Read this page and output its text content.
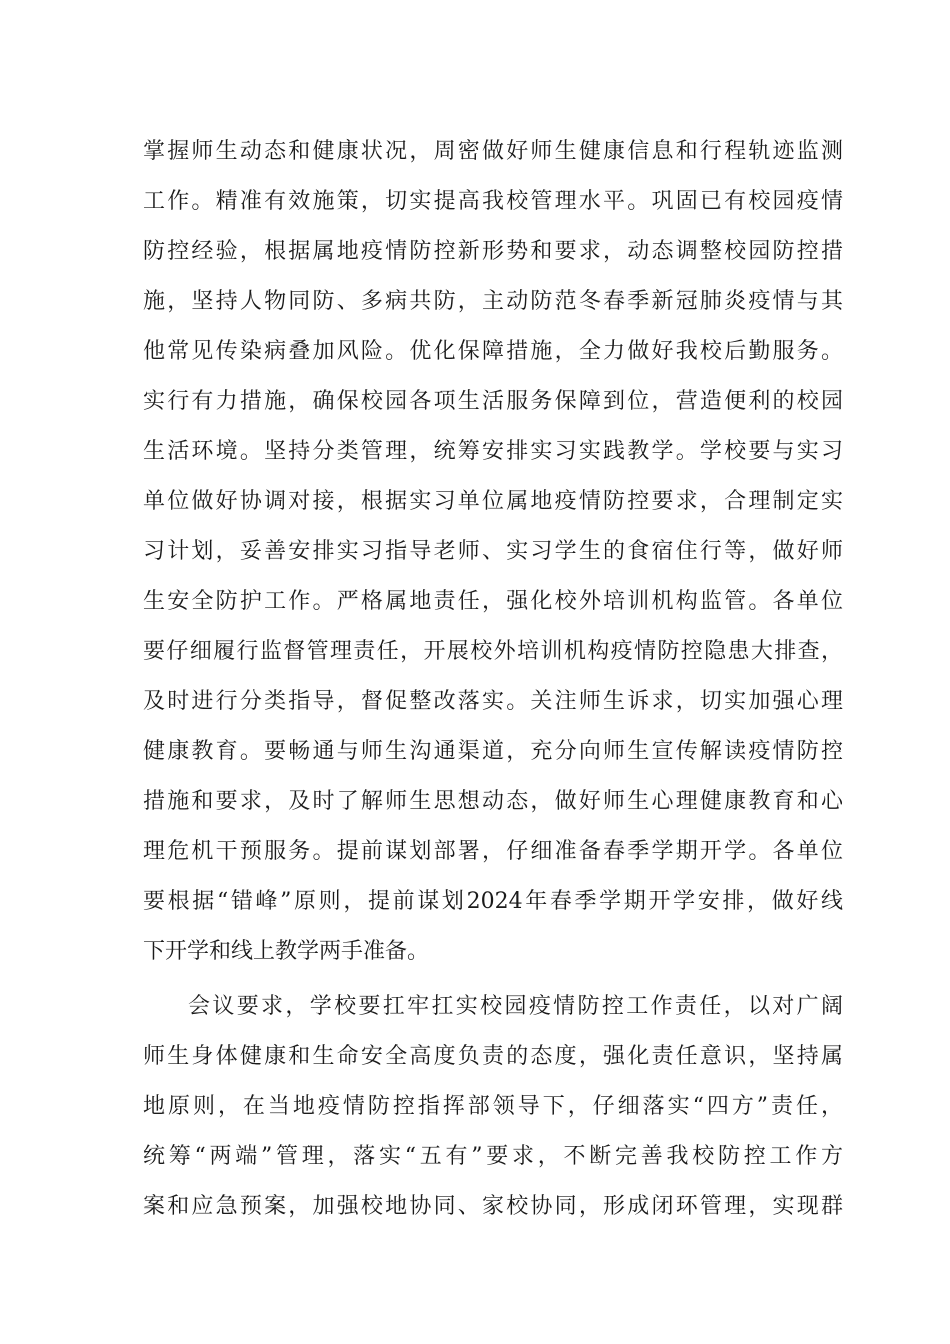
掌握师生动态和健康状况，周密做好师生健康信息和行程轨迹监测
工作。精准有效施策，切实提高我校管理水平。巩固已有校园疫情
防控经验，根据属地疫情防控新形势和要求，动态调整校园防控措
施，坚持人物同防、多病共防，主动防范冬春季新冠肺炎疫情与其
他常见传染病叠加风险。优化保障措施，全力做好我校后勤服务。
实行有力措施，确保校园各项生活服务保障到位，营造便利的校园
生活环境。坚持分类管理，统筹安排实习实践教学。学校要与实习
单位做好协调对接，根据实习单位属地疫情防控要求，合理制定实
习计划，妥善安排实习指导老师、实习学生的食宿住行等，做好师
生安全防护工作。严格属地责任，强化校外培训机构监管。各单位
要仔细履行监督管理责任，开展校外培训机构疫情防控隐患大排查，
及时进行分类指导，督促整改落实。关注师生诉求，切实加强心理
健康教育。要畅通与师生沟通渠道，充分向师生宣传解读疫情防控
措施和要求，及时了解师生思想动态，做好师生心理健康教育和心
理危机干预服务。提前谋划部署，仔细准备春季学期开学。各单位
要根据“错峰”原则，提前谋划2024年春季学期开学安排，做好线
下开学和线上教学两手准备。
会议要求，学校要扛牢扛实校园疫情防控工作责任，以对广阔
师生身体健康和生命安全高度负责的态度，强化责任意识，坚持属
地原则，在当地疫情防控指挥部领导下，仔细落实“四方”责任，
统筹“两端”管理，落实“五有”要求，不断完善我校防控工作方
案和应急预案，加强校地协同、家校协同，形成闭环管理，实现群
